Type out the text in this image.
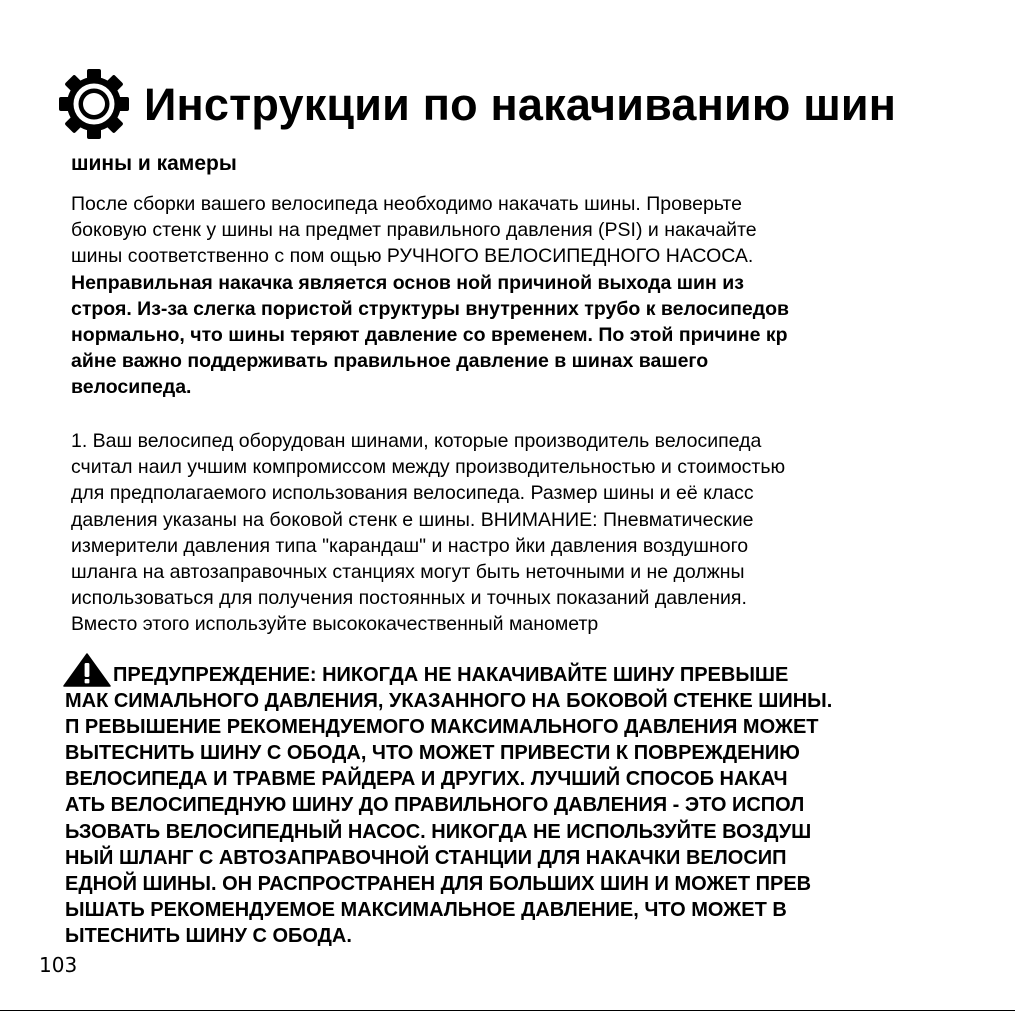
Инструкции по накачиванию шин
шины и камеры
После сборки вашего велосипеда необходимо накачать шины. Проверьте
боковую стенк у шины на предмет правильного давления (PSI) и накачайте
шины соответственно с пом ощью РУЧНОГО ВЕЛОСИПЕДНОГО НАСОСА.
Неправильная накачка является основ ной причиной выхода шин из
строя. Из-за слегка пористой структуры внутренних трубо к велосипедов
нормально, что шины теряют давление со временем. По этой причине кр
айне важно поддерживать правильное давление в шинах вашего
велосипеда.
1. Ваш велосипед оборудован шинами, которые производитель велосипеда
считал наил учшим компромиссом между производительностью и стоимостью
для предполагаемого использования велосипеда. Размер шины и её класс
давления указаны на боковой стенк е шины. ВНИМАНИЕ: Пневматические
измерители давления типа "карандаш" и настро йки давления воздушного
шланга на автозаправочных станциях могут быть неточными и не должны
использоваться для получения постоянных и точных показаний давления.
Вместо этого используйте высококачественный манометр
ПРЕДУПРЕЖДЕНИЕ: НИКОГДА НЕ НАКАЧИВАЙТЕ ШИНУ ПРЕВЫШЕ
МАК СИМАЛЬНОГО ДАВЛЕНИЯ, УКАЗАННОГО НА БОКОВОЙ СТЕНКЕ ШИНЫ.
П РЕВЫШЕНИЕ РЕКОМЕНДУЕМОГО МАКСИМАЛЬНОГО ДАВЛЕНИЯ МОЖЕТ
ВЫТЕСНИТЬ ШИНУ С ОБОДА, ЧТО МОЖЕТ ПРИВЕСТИ К ПОВРЕЖДЕНИЮ
ВЕЛОСИПЕДА И ТРАВМЕ РАЙДЕРА И ДРУГИХ. ЛУЧШИЙ СПОСОБ НАКАЧ
АТЬ ВЕЛОСИПЕДНУЮ ШИНУ ДО ПРАВИЛЬНОГО ДАВЛЕНИЯ - ЭТО ИСПОЛ
ЬЗОВАТЬ ВЕЛОСИПЕДНЫЙ НАСОС. НИКОГДА НЕ ИСПОЛЬЗУЙТЕ ВОЗДУШ
НЫЙ ШЛАНГ С АВТОЗАПРАВОЧНОЙ СТАНЦИИ ДЛЯ НАКАЧКИ ВЕЛОСИП
ЕДНОЙ ШИНЫ. ОН РАСПРОСТРАНЕН ДЛЯ БОЛЬШИХ ШИН И МОЖЕТ ПРЕВ
ЫШАТЬ РЕКОМЕНДУЕМОЕ МАКСИМАЛЬНОЕ ДАВЛЕНИЕ, ЧТО МОЖЕТ В
ЫТЕСНИТЬ ШИНУ С ОБОДА.
103
